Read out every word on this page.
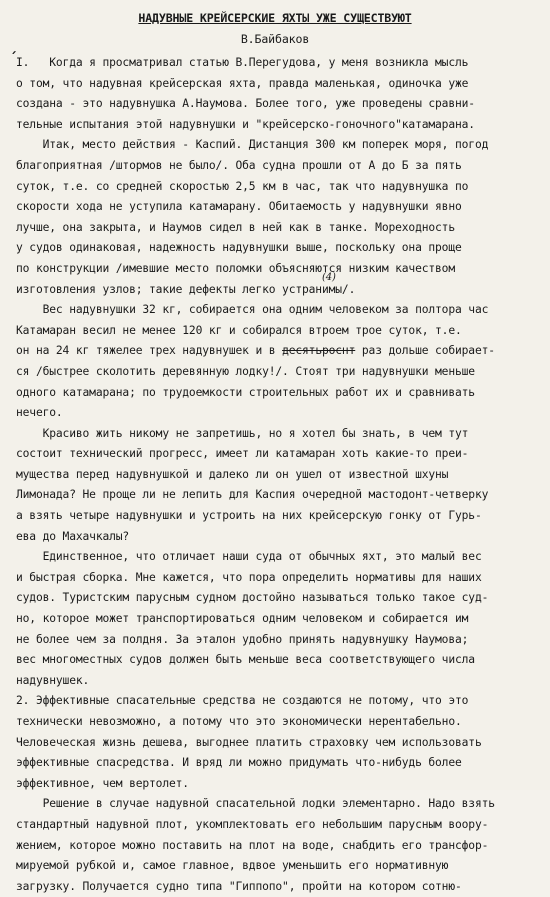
НАДУВНЫЕ КРЕЙСЕРСКИЕ ЯХТЫ УЖЕ СУЩЕСТВУЮТ
В.Байбаков
´
(4)
I.   Когда я просматривал статью В.Перегудова, у меня возникла мысль
о том, что надувная крейсерская яхта, правда маленькая, одиночка уже
создана - это надувнушка А.Наумова. Более того, уже проведены сравни-
тельные испытания этой надувнушки и "крейсерско-гоночного"катамарана.
Итак, место действия - Каспий. Дистанция 300 км поперек моря, погод
благоприятная /штормов не было/. Оба судна прошли от А до Б за пять
суток, т.е. со средней скоростью 2,5 км в час, так что надувнушка по
скорости хода не уступила катамарану. Обитаемость у надувнушки явно
лучше, она закрыта, и Наумов сидел в ней как в танке. Мореходность
у судов одинаковая, надежность надувнушки выше, поскольку она проще
по конструкции /имевшие место поломки объясняются низким качеством
изготовления узлов; такие дефекты легко устранимы/.
Вес надувнушки 32 кг, собирается она одним человеком за полтора час
Катамаран весил не менее 120 кг и собирался втроем трое суток, т.е.
он на 24 кг тяжелее трех надувнушек и в десятьроснт раз дольше собирает-
ся /быстрее сколотить деревянную лодку!/. Стоят три надувнушки меньше
одного катамарана; по трудоемкости строительных работ их и сравнивать
нечего.
Красиво жить никому не запретишь, но я хотел бы знать, в чем тут
состоит технический прогресс, имеет ли катамаран хоть какие-то преи-
мущества перед надувнушкой и далеко ли он ушел от известной шхуны
Лимонада? Не проще ли не лепить для Каспия очередной мастодонт-четверку
а взять четыре надувнушки и устроить на них крейсерскую гонку от Гурь-
ева до Махачкалы?
Единственное, что отличает наши суда от обычных яхт, это малый вес
и быстрая сборка. Мне кажется, что пора определить нормативы для наших
судов. Туристским парусным судном достойно называться только такое суд-
но, которое может транспортироваться одним человеком и собирается им
не более чем за полдня. За эталон удобно принять надувнушку Наумова;
вес многоместных судов должен быть меньше веса соответствующего числа
надувнушек.
2. Эффективные спасательные средства не создаются не потому, что это
технически невозможно, а потому что это экономически нерентабельно.
Человеческая жизнь дешева, выгоднее платить страховку чем использовать
эффективные спасредства. И вряд ли можно придумать что-нибудь более
эффективное, чем вертолет.
Решение в случае надувной спасательной лодки элементарно. Надо взять
стандартный надувной плот, укомплектовать его небольшим парусным воору-
жением, которое можно поставить на плот на воде, снабдить его трансфор-
мируемой рубкой и, самое главное, вдвое уменьшить его нормативную
загрузку. Получается судно типа "Гиппопо", пройти на котором сотню-
